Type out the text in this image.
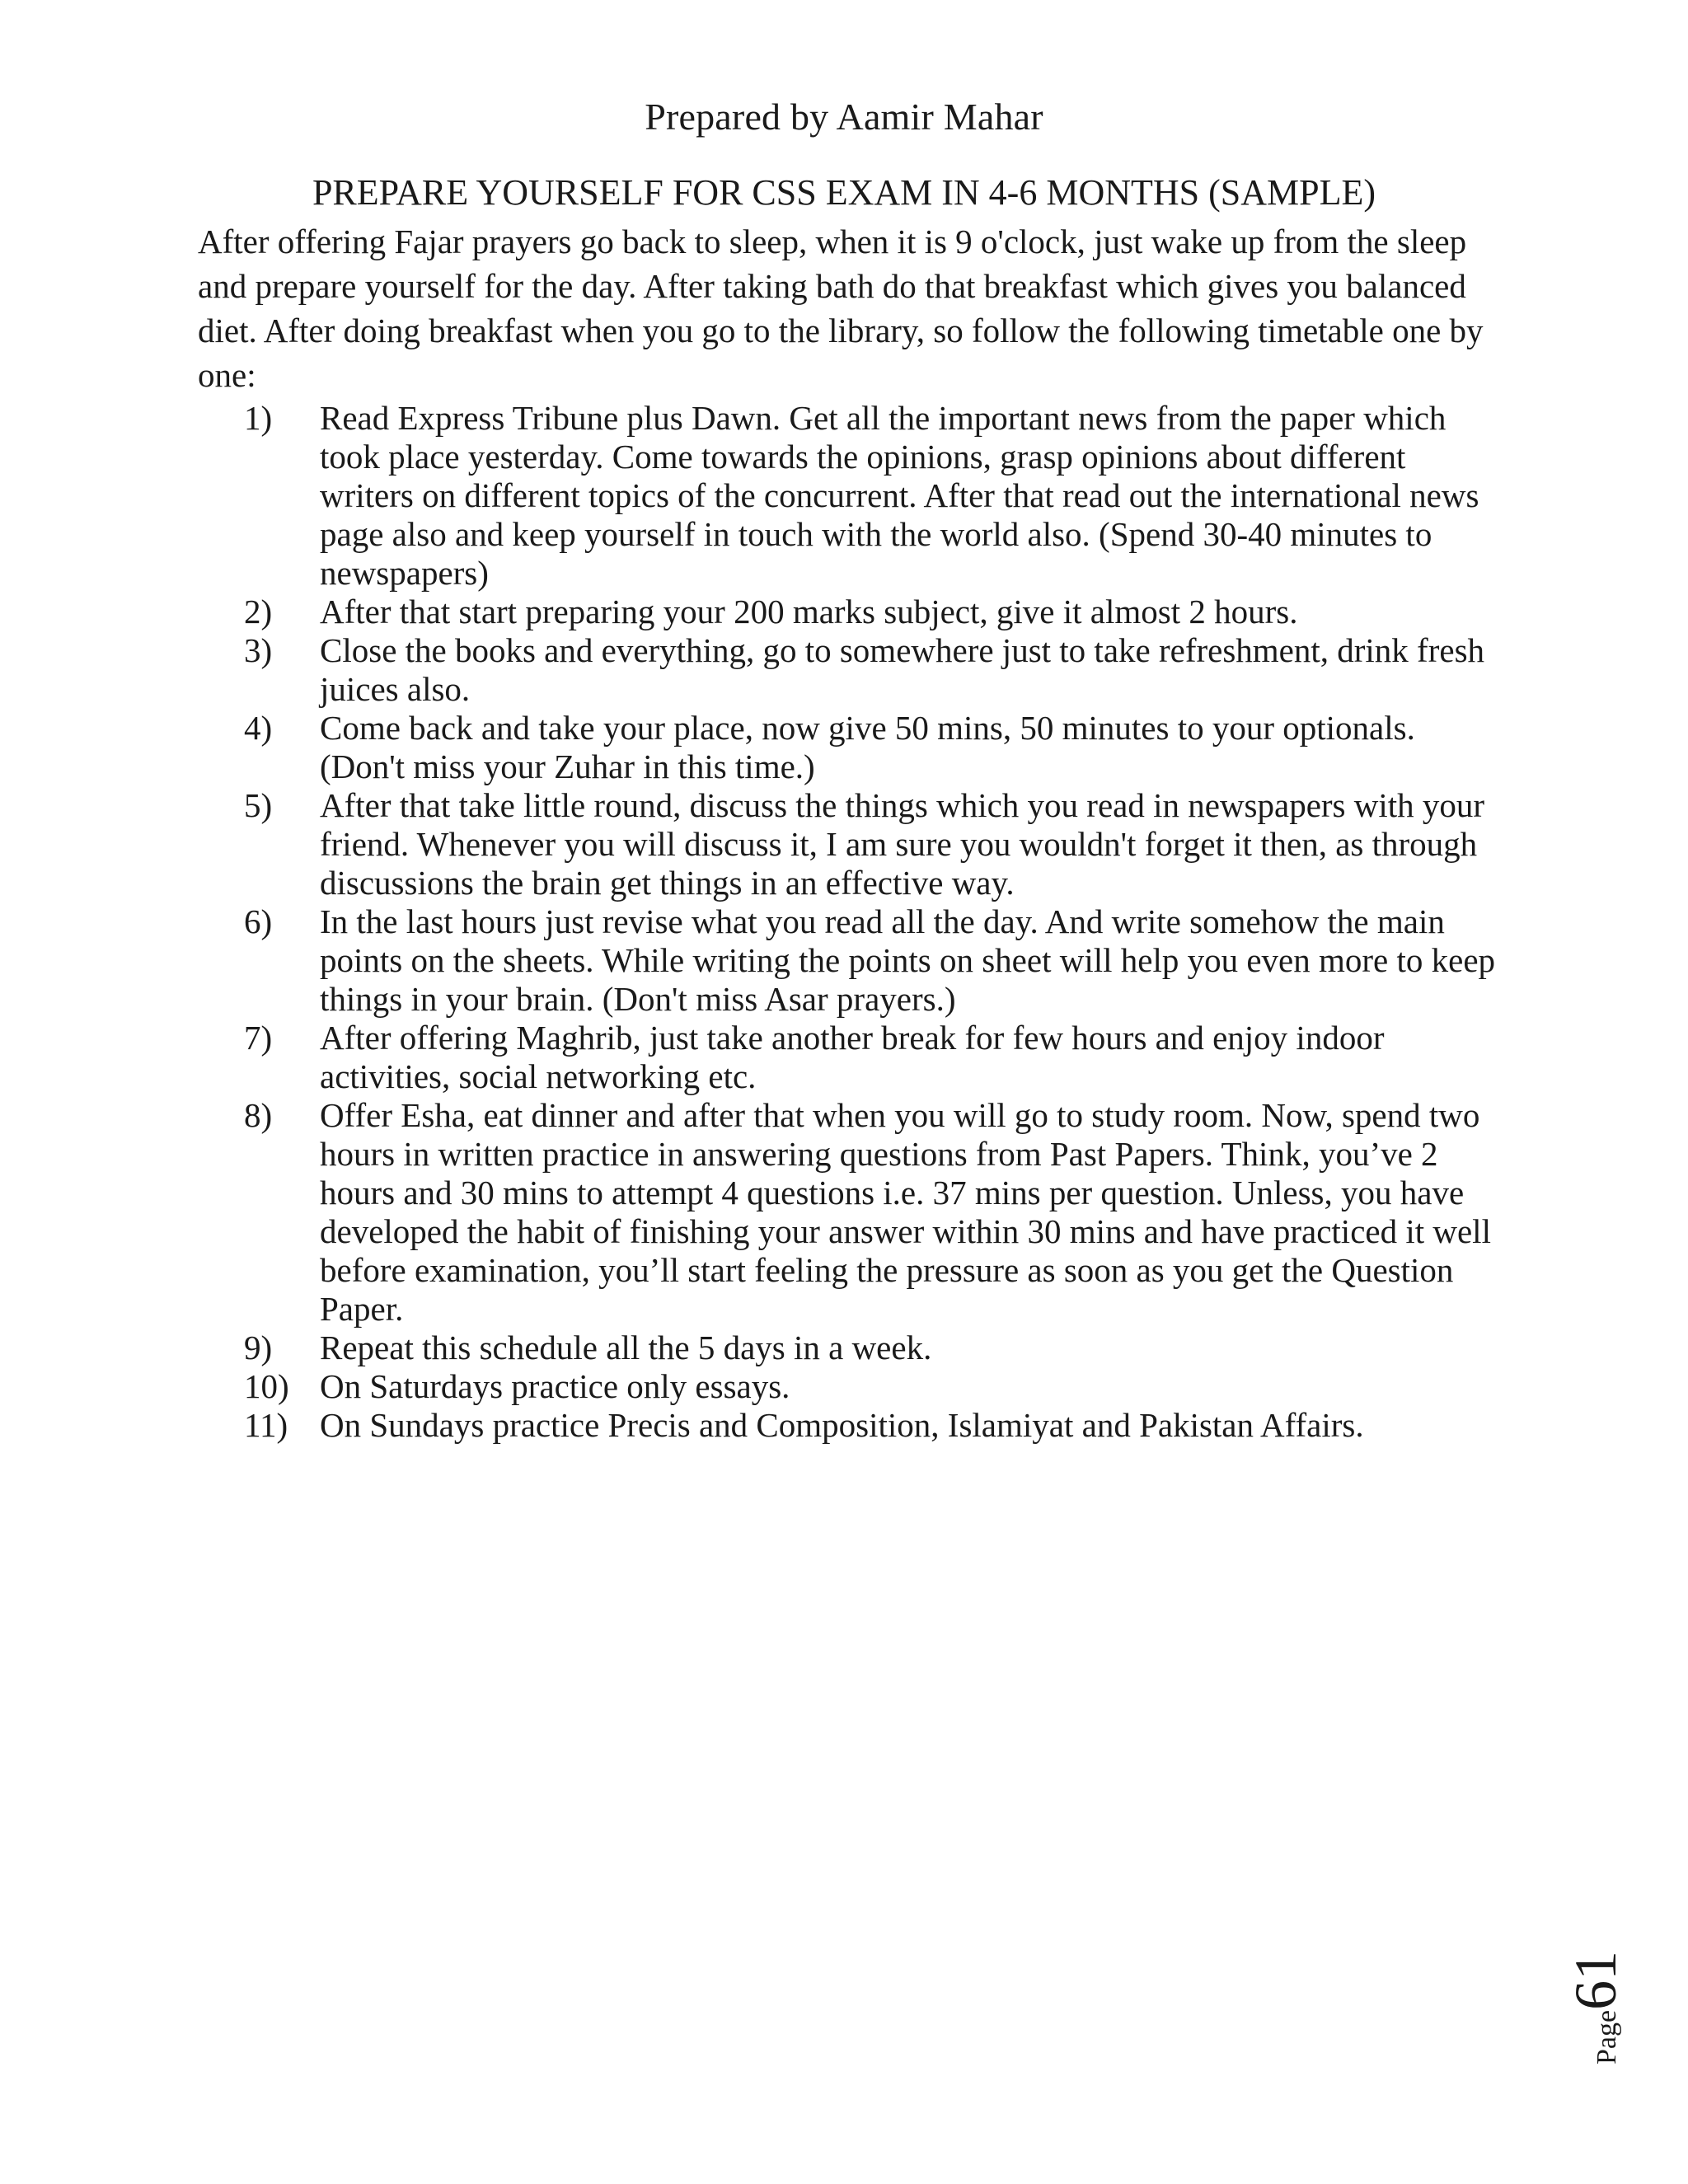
Prepared by Aamir Mahar
PREPARE YOURSELF FOR CSS EXAM IN 4-6 MONTHS (SAMPLE)
After offering Fajar prayers go back to sleep, when it is 9 o'clock, just wake up from the sleep and prepare yourself for the day. After taking bath do that breakfast which gives you balanced diet. After doing breakfast when you go to the library, so follow the following timetable one by one:
1) Read Express Tribune plus Dawn. Get all the important news from the paper which took place yesterday. Come towards the opinions, grasp opinions about different writers on different topics of the concurrent. After that read out the international news page also and keep yourself in touch with the world also. (Spend 30-40 minutes to newspapers)
2) After that start preparing your 200 marks subject, give it almost 2 hours.
3) Close the books and everything, go to somewhere just to take refreshment, drink fresh juices also.
4) Come back and take your place, now give 50 mins, 50 minutes to your optionals. (Don't miss your Zuhar in this time.)
5) After that take little round, discuss the things which you read in newspapers with your friend. Whenever you will discuss it, I am sure you wouldn't forget it then, as through discussions the brain get things in an effective way.
6) In the last hours just revise what you read all the day. And write somehow the main points on the sheets. While writing the points on sheet will help you even more to keep things in your brain. (Don't miss Asar prayers.)
7) After offering Maghrib, just take another break for few hours and enjoy indoor activities, social networking etc.
8) Offer Esha, eat dinner and after that when you will go to study room. Now, spend two hours in written practice in answering questions from Past Papers. Think, you’ve 2 hours and 30 mins to attempt 4 questions i.e. 37 mins per question. Unless, you have developed the habit of finishing your answer within 30 mins and have practiced it well before examination, you’ll start feeling the pressure as soon as you get the Question Paper.
9) Repeat this schedule all the 5 days in a week.
10) On Saturdays practice only essays.
11) On Sundays practice Precis and Composition, Islamiyat and Pakistan Affairs.
Page61
